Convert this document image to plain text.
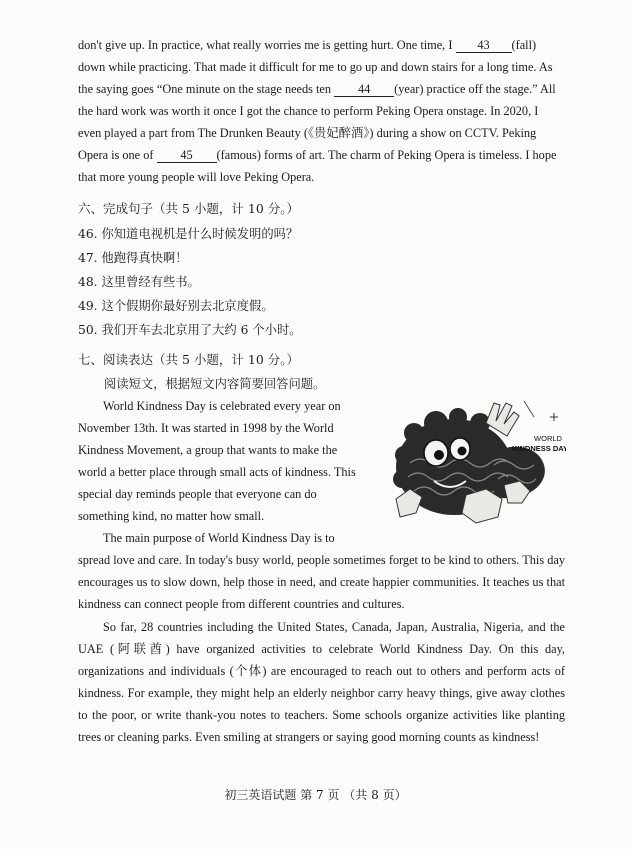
don't give up. In practice, what really worries me is getting hurt. One time, I 43 (fall)
down while practicing. That made it difficult for me to go up and down stairs for a long time. As
the saying goes “One minute on the stage needs ten 44 (year) practice off the stage.” All
the hard work was worth it once I got the chance to perform Peking Opera onstage. In 2020, I
even played a part from The Drunken Beauty (《贵妃醉酒》) during a show on CCTV. Peking
Opera is one of 45 (famous) forms of art. The charm of Peking Opera is timeless. I hope
that more young people will love Peking Opera.
六、完成句子（共 5 小题，计 10 分。）
46. 你知道电视机是什么时候发明的吗？
47. 他跑得真快啊！
48. 这里曾经有些书。
49. 这个假期你最好别去北京度假。
50. 我们开车去北京用了大约 6 个小时。
七、阅读表达（共 5 小题，计 10 分。）
阅读短文，根据短文内容简要回答问题。
World Kindness Day is celebrated every year on
November 13th. It was started in 1998 by the World
Kindness Movement, a group that wants to make the
world a better place through small acts of kindness. This
special day reminds people that everyone can do
something kind, no matter how small.
The main purpose of World Kindness Day is to
spread love and care. In today's busy world, people sometimes forget to be kind to others. This day encourages us to slow down, help those in need, and create happier communities. It teaches us that kindness can connect people from different countries and cultures.
So far, 28 countries including the United States, Canada, Japan, Australia, Nigeria, and the UAE (阿联酋) have organized activities to celebrate World Kindness Day. On this day, organizations and individuals (个体) are encouraged to reach out to others and perform acts of kindness. For example, they might help an elderly neighbor carry heavy things, give away clothes to the poor, or write thank-you notes to teachers. Some schools organize activities like planting trees or cleaning parks. Even smiling at strangers or saying good morning counts as kindness!
WORLD
KINDNESS DAY
初三英语试题 第 7 页 （共 8 页）
